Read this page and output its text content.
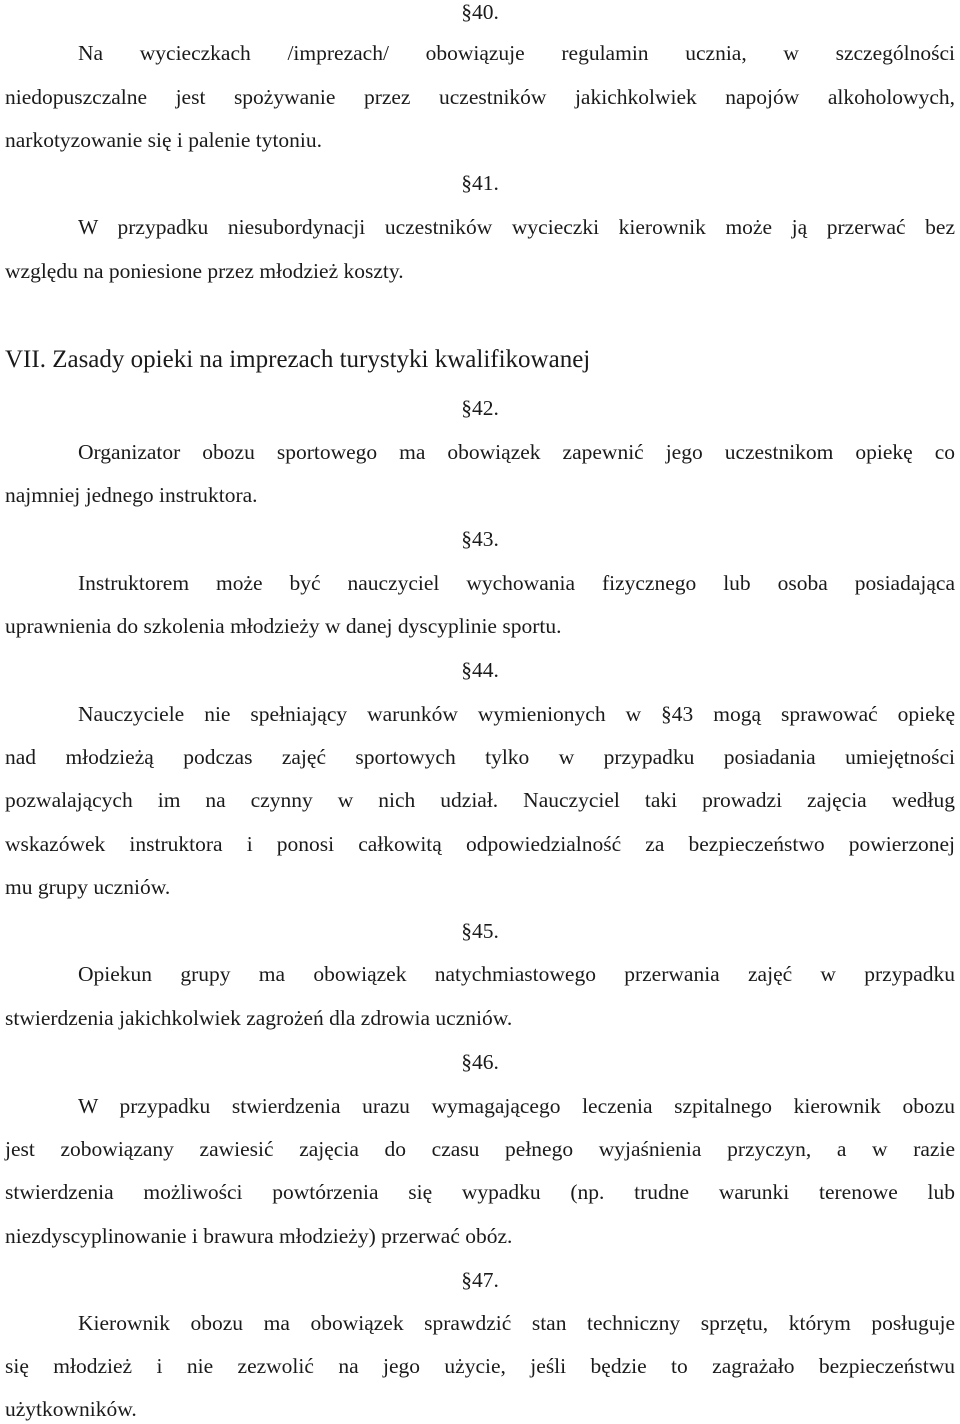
§40.
Na wycieczkach /imprezach/ obowiązuje regulamin ucznia, w szczególności
niedopuszczalne jest spożywanie przez uczestników jakichkolwiek napojów alkoholowych,
narkotyzowanie się i palenie tytoniu.
§41.
W przypadku niesubordynacji uczestników wycieczki kierownik może ją przerwać bez
względu na poniesione przez młodzież koszty.
VII. Zasady opieki na imprezach turystyki kwalifikowanej
§42.
Organizator obozu sportowego ma obowiązek zapewnić jego uczestnikom opiekę co
najmniej jednego instruktora.
§43.
Instruktorem może być nauczyciel wychowania fizycznego lub osoba posiadająca
uprawnienia do szkolenia młodzieży w danej dyscyplinie sportu.
§44.
Nauczyciele nie spełniający warunków wymienionych w §43 mogą sprawować opiekę
nad młodzieżą podczas zajęć sportowych tylko w przypadku posiadania umiejętności
pozwalających im na czynny w nich udział. Nauczyciel taki prowadzi zajęcia według
wskazówek instruktora i ponosi całkowitą odpowiedzialność za bezpieczeństwo powierzonej
mu grupy uczniów.
§45.
Opiekun grupy ma obowiązek natychmiastowego przerwania zajęć w przypadku
stwierdzenia jakichkolwiek zagrożeń dla zdrowia uczniów.
§46.
W przypadku stwierdzenia urazu wymagającego leczenia szpitalnego kierownik obozu
jest zobowiązany zawiesić zajęcia do czasu pełnego wyjaśnienia przyczyn, a w razie
stwierdzenia możliwości powtórzenia się wypadku (np. trudne warunki terenowe lub
niezdyscyplinowanie i brawura młodzieży) przerwać obóz.
§47.
Kierownik obozu ma obowiązek sprawdzić stan techniczny sprzętu, którym posługuje
się młodzież i nie zezwolić na jego użycie, jeśli będzie to zagrażało bezpieczeństwu
użytkowników.
